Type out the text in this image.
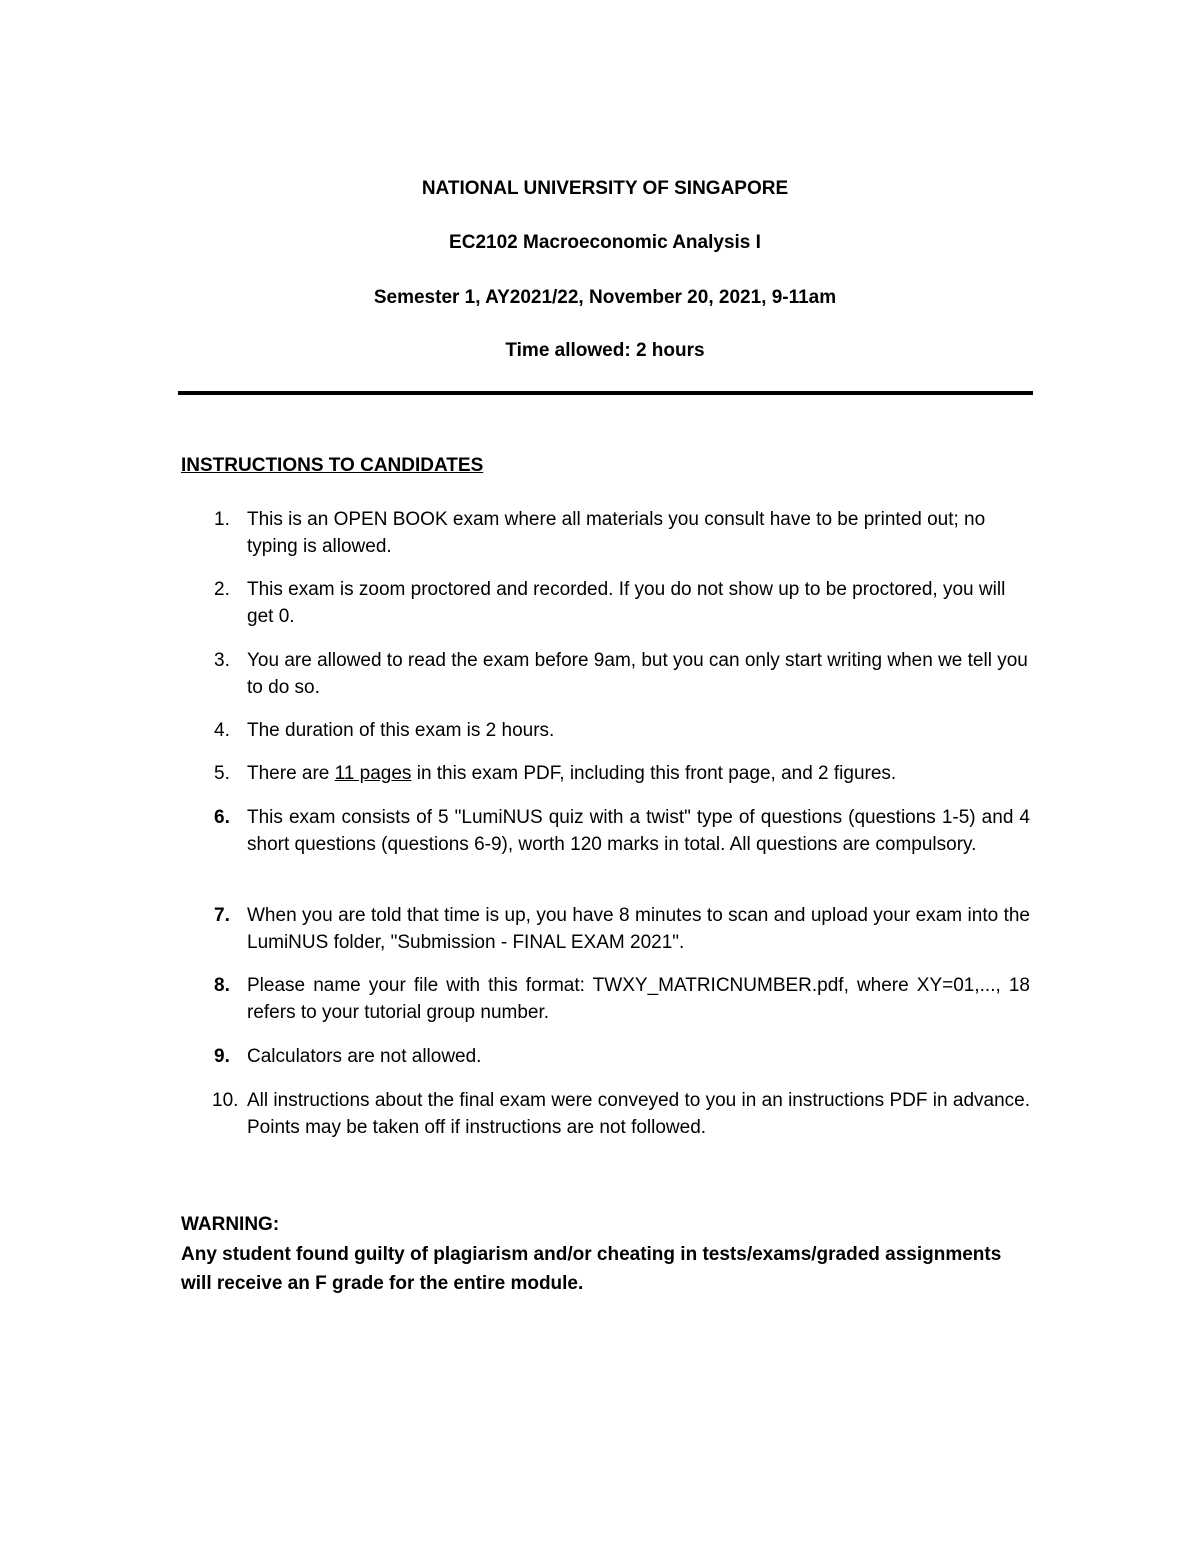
NATIONAL UNIVERSITY OF SINGAPORE
EC2102 Macroeconomic Analysis I
Semester 1, AY2021/22, November 20, 2021, 9-11am
Time allowed: 2 hours
INSTRUCTIONS TO CANDIDATES
1. This is an OPEN BOOK exam where all materials you consult have to be printed out; no typing is allowed.
2. This exam is zoom proctored and recorded. If you do not show up to be proctored, you will get 0.
3. You are allowed to read the exam before 9am, but you can only start writing when we tell you to do so.
4. The duration of this exam is 2 hours.
5. There are 11 pages in this exam PDF, including this front page, and 2 figures.
6. This exam consists of 5 "LumiNUS quiz with a twist" type of questions (questions 1-5) and 4 short questions (questions 6-9), worth 120 marks in total. All questions are compulsory.
7. When you are told that time is up, you have 8 minutes to scan and upload your exam into the LumiNUS folder, "Submission - FINAL EXAM 2021".
8. Please name your file with this format: TWXY_MATRICNUMBER.pdf, where XY=01,..., 18 refers to your tutorial group number.
9. Calculators are not allowed.
10. All instructions about the final exam were conveyed to you in an instructions PDF in advance. Points may be taken off if instructions are not followed.
WARNING:
Any student found guilty of plagiarism and/or cheating in tests/exams/graded assignments will receive an F grade for the entire module.
